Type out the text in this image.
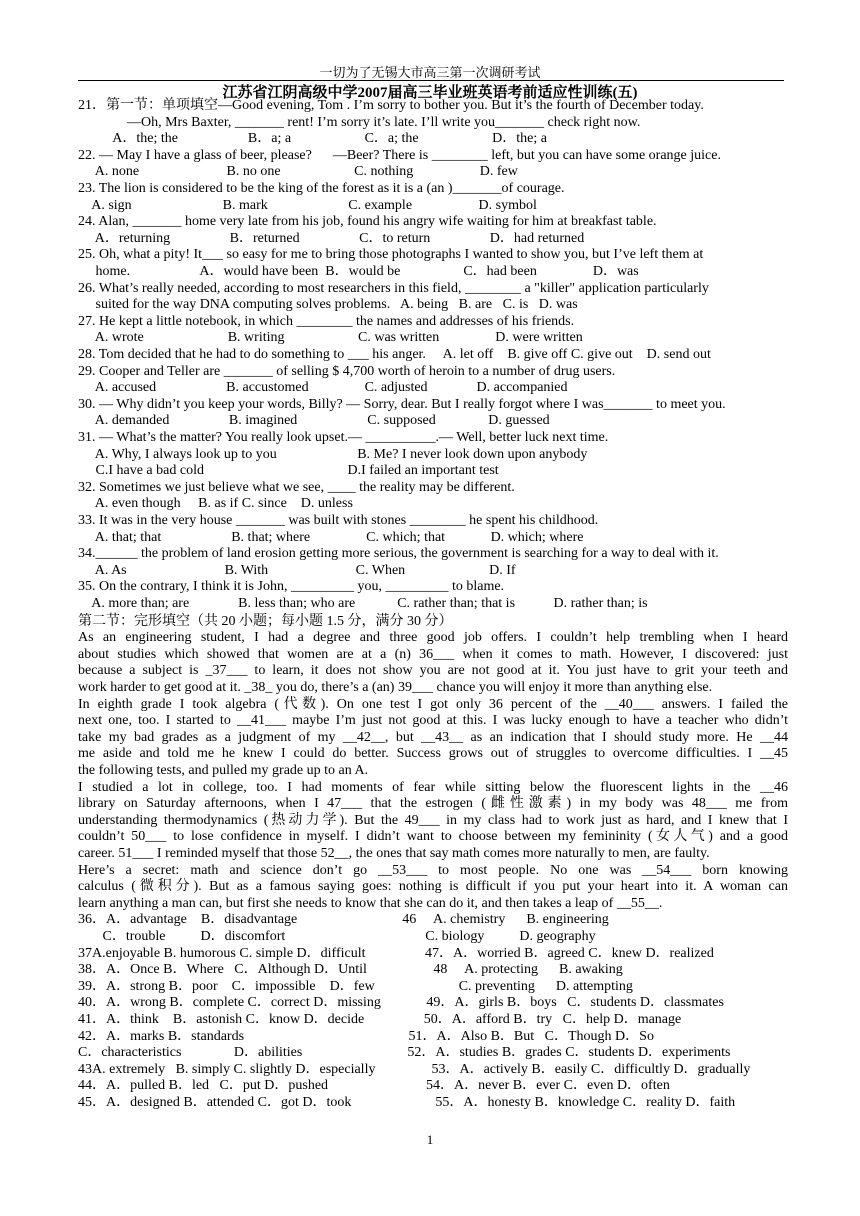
一切为了无锡大市高三第一次调研考试
江苏省江阴高级中学2007届高三毕业班英语考前适应性训练(五)
21．第一节：单项填空—Good evening, Tom . I’m sorry to bother you. But it’s the fourth of December today.
—Oh, Mrs Baxter, _______ rent! I’m sorry it’s late. I’ll write you_______ check right now.
A．the; the                    B．a; a                     C．a; the                     D．the; a
22. — May I have a glass of beer, please?      —Beer? There is ________ left, but you can have some orange juice.
A. none                         B. no one                     C. nothing                   D. few
23. The lion is considered to be the king of the forest as it is a (an )_______of courage.
A. sign                          B. mark                       C. example                   D. symbol
24. Alan, _______ home very late from his job, found his angry wife waiting for him at breakfast table.
A．returning                 B．returned                 C．to return                 D．had returned
25. Oh, what a pity! It___ so easy for me to bring those photographs I wanted to show you, but I’ve left them at
home.                    A．would have been  B．would be                  C．had been                D．was
26. What’s really needed, according to most researchers in this field, ________ a "killer" application particularly
suited for the way DNA computing solves problems.   A. being   B. are   C. is   D. was
27. He kept a little notebook, in which ________ the names and addresses of his friends.
A. wrote                        B. writing                     C. was written                D. were written
28. Tom decided that he had to do something to ___ his anger.     A. let off    B. give off C. give out    D. send out
29. Cooper and Teller are _______ of selling $ 4,700 worth of heroin to a number of drug users.
A. accused                    B. accustomed                C. adjusted              D. accompanied
30. — Why didn’t you keep your words, Billy? — Sorry, dear. But I really forgot where I was_______ to meet you.
A. demanded                 B. imagined                    C. supposed               D. guessed
31. — What’s the matter? You really look upset.— __________.— Well, better luck next time.
A. Why, I always look up to you                       B. Me? I never look down upon anybody
C.I have a bad cold                                         D.I failed an important test
32. Sometimes we just believe what we see, ____ the reality may be different.
A. even though     B. as if C. since    D. unless
33. It was in the very house _______ was built with stones ________ he spent his childhood.
A. that; that                    B. that; where                C. which; that             D. which; where
34.______ the problem of land erosion getting more serious, the government is searching for a way to deal with it.
A. As                            B. With                         C. When                        D. If
35. On the contrary, I think it is John, _________ you, _________ to blame.
A. more than; are              B. less than; who are            C. rather than; that is           D. rather than; is
第二节：完形填空（共 20 小题；每小题 1.5 分，满分 30 分）
As an engineering student, I had a degree and three good job offers. I couldn’t help trembling when I heard
about studies which showed that women are at a (n) 36___ when it comes to math. However, I discovered: just
because a subject is _37___ to learn, it does not show you are not good at it. You just have to grit your teeth and
work harder to get good at it. _38_ you do, there’s a (an) 39___ chance you will enjoy it more than anything else.
In eighth grade I took algebra (代数). On one test I got only 36 percent of the __40___ answers. I failed the
next one, too. I started to __41___ maybe I’m just not good at this. I was lucky enough to have a teacher who didn’t
take my bad grades as a judgment of my __42__, but __43__ as an indication that I should study more. He __44
me aside and told me he knew I could do better. Success grows out of struggles to overcome difficulties. I __45
the following tests, and pulled my grade up to an A.
I studied a lot in college, too. I had moments of fear while sitting below the fluorescent lights in the __46
library on Saturday afternoons, when I 47___ that the estrogen (雌性激素) in my body was 48___ me from
understanding thermodynamics (热动力学). But the 49___ in my class had to work just as hard, and I knew that I
couldn’t 50___ to lose confidence in myself. I didn’t want to choose between my femininity (女人气) and a good
career. 51___ I reminded myself that those 52__, the ones that say math comes more naturally to men, are faulty.
Here’s a secret: math and science don’t go __53___ to most people. No one was __54___ born knowing
calculus (微积分). But as a famous saying goes: nothing is difficult if you put your heart into it. A woman can
learn anything a man can, but first she needs to know that she can do it, and then takes a leap of __55__.
36．A．advantage    B．disadvantage                              46     A. chemistry      B. engineering
C．trouble          D．discomfort                                        C. biology          D. geography
37A.enjoyable B. humorous C. simple D．difficult                 47．A．worried B．agreed C．knew D．realized
38．A．Once B．Where   C．Although D．Until                   48     A. protecting      B. awaking
39．A．strong B．poor    C．impossible    D．few                        C. preventing      D. attempting
40．A．wrong B．complete C．correct D．missing             49．A．girls B．boys   C．students D．classmates
41．A．think    B．astonish C．know D．decide                 50．A．afford B．try   C．help D．manage
42．A．marks B．standards                                               51．A．Also B．But   C．Though D．So
C．characteristics               D．abilities                              52．A．studies B．grades C．students D．experiments
43A. extremely   B. simply C. slightly D．especially                53．A．actively B．easily C．difficultly D．gradually
44．A．pulled B．led   C．put D．pushed                            54．A．never B．ever C．even D．often
45．A．designed B．attended C．got D．took                        55．A．honesty B．knowledge C．reality D．faith
1
